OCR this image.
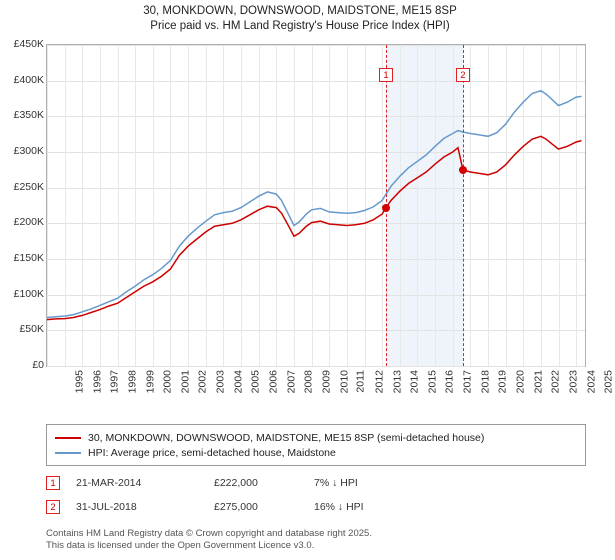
30, MONKDOWN, DOWNSWOOD, MAIDSTONE, ME15 8SP
Price paid vs. HM Land Registry's House Price Index (HPI)
1	2
£0
£50K
£100K
£150K
£200K
£250K
£300K
£350K
£400K
£450K
1995 1996 1997 1998 1999 2000 2001 2002 2003 2004 2005 2006 2007 2008 2009 2010 2011 2012 2013 2014 2015 2016 2017 2018 2019 2020 2021 2022 2023 2024 2025
30, MONKDOWN, DOWNSWOOD, MAIDSTONE, ME15 8SP (semi-detached house)
HPI: Average price, semi-detached house, Maidstone
1	21-MAR-2014	£222,000	7% ↓ HPI
2	31-JUL-2018	£275,000	16% ↓ HPI
Contains HM Land Registry data © Crown copyright and database right 2025.
This data is licensed under the Open Government Licence v3.0.
